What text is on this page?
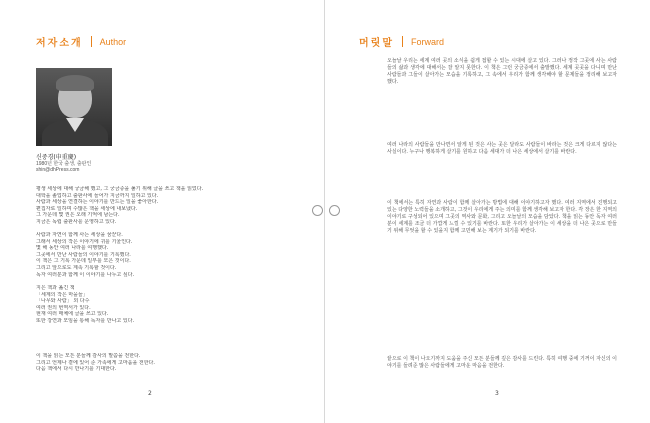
저자소개 Author
신중경(申重慶)
1980년 한국 출생, 출판인
shin@dhPress.com

평생 세상에 대해 궁금해 했고, 그 궁금증을 풀기 위해 글을 쓰고 책을 읽었다.

대학을 졸업하고 출판사에 들어가 지금까지 일하고 있다.

사람과 세상을 연결하는 이야기를 만드는 일을 좋아한다.

편집자로 일하며 수많은 책을 세상에 내보냈다.

그 가운데 몇 권은 오래 기억에 남는다.

지금은 독립 출판사를 운영하고 있다.

사람과 자연이 함께 사는 세상을 꿈꾼다.

그래서 세상의 작은 이야기에 귀를 기울인다.

몇 해 동안 여러 나라를 여행했다.

그곳에서 만난 사람들의 이야기를 기록했다.

이 책은 그 기록 가운데 일부를 모은 것이다.

그리고 앞으로도 계속 기록할 것이다.

독자 여러분과 함께 이 이야기를 나누고 싶다.

지은 책과 옮긴 책

「세계의 작은 마을들」

「나무와 사람」 외 다수

여러 권의 번역서가 있다.

현재 여러 매체에 글을 쓰고 있다.

또한 강연과 모임을 통해 독자를 만나고 있다.

이 책을 읽는 모든 분들께 감사의 말씀을 전한다.

그리고 언제나 곁에 있어 준 가족에게 고마움을 전한다.

다음 책에서 다시 만나기를 기대한다.

2
머릿말 Forward

오늘날 우리는 세계 여러 곳의 소식을 쉽게 접할 수 있는 시대에 살고 있다. 그러나 정작 그곳에 사는 사람들의 삶과 생각에 대해서는 잘 알지 못한다. 이 책은 그런 궁금증에서 출발했다. 세계 곳곳을 다니며 만난 사람들과 그들이 살아가는 모습을 기록하고, 그 속에서 우리가 함께 생각해야 할 문제들을 정리해 보고자 했다.

여러 나라의 사람들을 만나면서 알게 된 것은 사는 곳은 달라도 사람들이 바라는 것은 크게 다르지 않다는 사실이다. 누구나 행복하게 살기를 원하고 다음 세대가 더 나은 세상에서 살기를 바란다.

이 책에서는 특히 자연과 사람이 함께 살아가는 방법에 대해 이야기하고자 했다. 여러 지역에서 진행되고 있는 다양한 노력들을 소개하고, 그것이 우리에게 주는 의미를 함께 생각해 보고자 한다. 각 장은 한 지역의 이야기로 구성되어 있으며 그곳의 역사와 문화, 그리고 오늘날의 모습을 담았다. 책을 읽는 동안 독자 여러분이 세계를 조금 더 가깝게 느낄 수 있기를 바란다. 또한 우리가 살아가는 이 세상을 더 나은 곳으로 만들기 위해 무엇을 할 수 있을지 함께 고민해 보는 계기가 되기를 바란다.

끝으로 이 책이 나오기까지 도움을 주신 모든 분들께 깊은 감사를 드린다. 특히 여행 중에 기꺼이 자신의 이야기를 들려준 많은 사람들에게 고마운 마음을 전한다.

3
